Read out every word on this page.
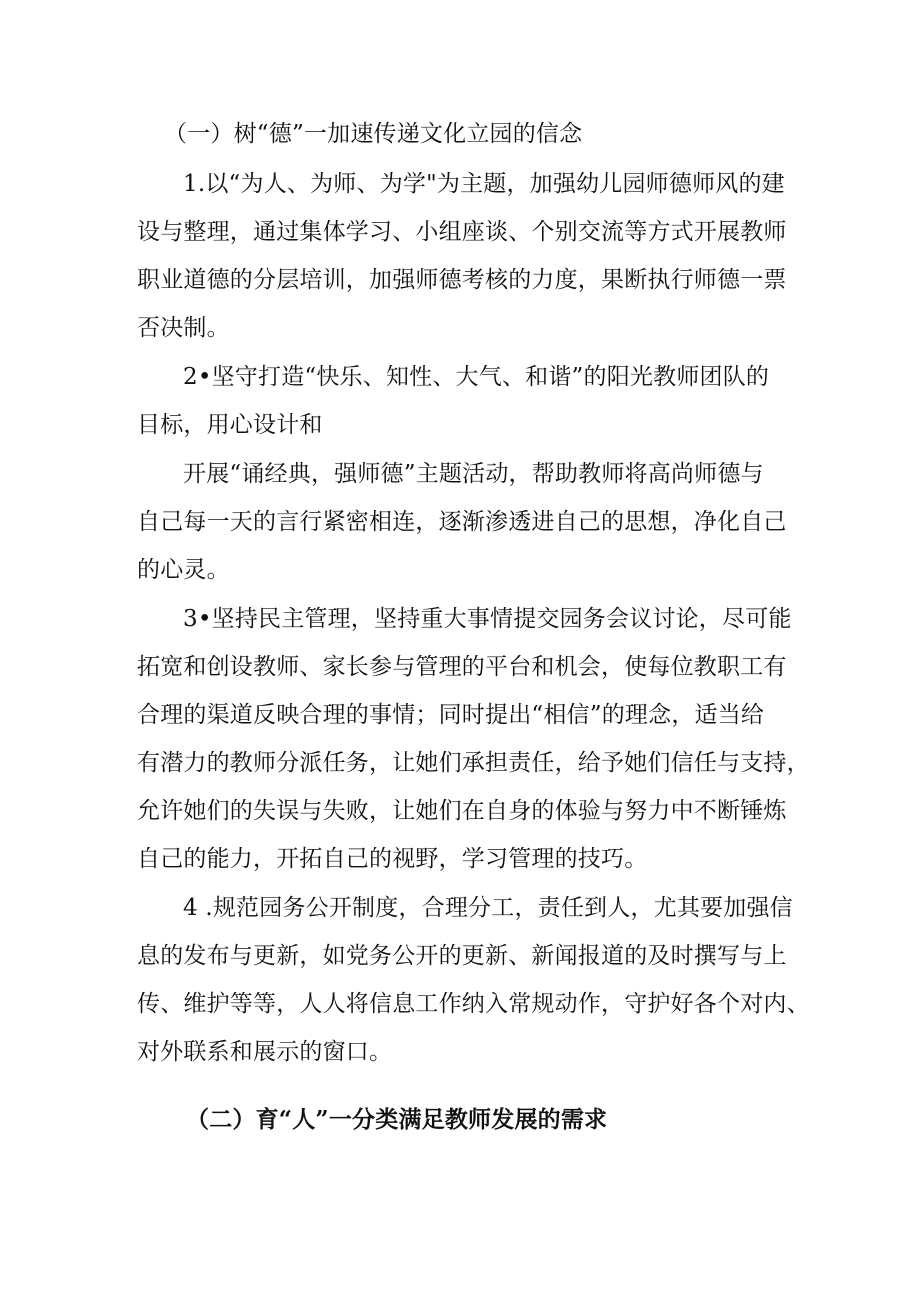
（一）树“德”一加速传递文化立园的信念
1.以“为人、为师、为学"为主题，加强幼儿园师德师风的建
设与整理，通过集体学习、小组座谈、个别交流等方式开展教师
职业道德的分层培训，加强师德考核的力度，果断执行师德一票
否决制。
2•坚守打造“快乐、知性、大气、和谐”的阳光教师团队的
目标，用心设计和
开展“诵经典，强师德”主题活动，帮助教师将高尚师德与
自己每一天的言行紧密相连，逐渐渗透进自己的思想，净化自己
的心灵。
3•坚持民主管理，坚持重大事情提交园务会议讨论，尽可能
拓宽和创设教师、家长参与管理的平台和机会，使每位教职工有
合理的渠道反映合理的事情；同时提出“相信”的理念，适当给
有潜力的教师分派任务，让她们承担责任，给予她们信任与支持，
允许她们的失误与失败，让她们在自身的体验与努力中不断锤炼
自己的能力，开拓自己的视野，学习管理的技巧。
4 .规范园务公开制度，合理分工，责任到人，尤其要加强信
息的发布与更新，如党务公开的更新、新闻报道的及时撰写与上
传、维护等等，人人将信息工作纳入常规动作，守护好各个对内、
对外联系和展示的窗口。
（二）育“人”一分类满足教师发展的需求
